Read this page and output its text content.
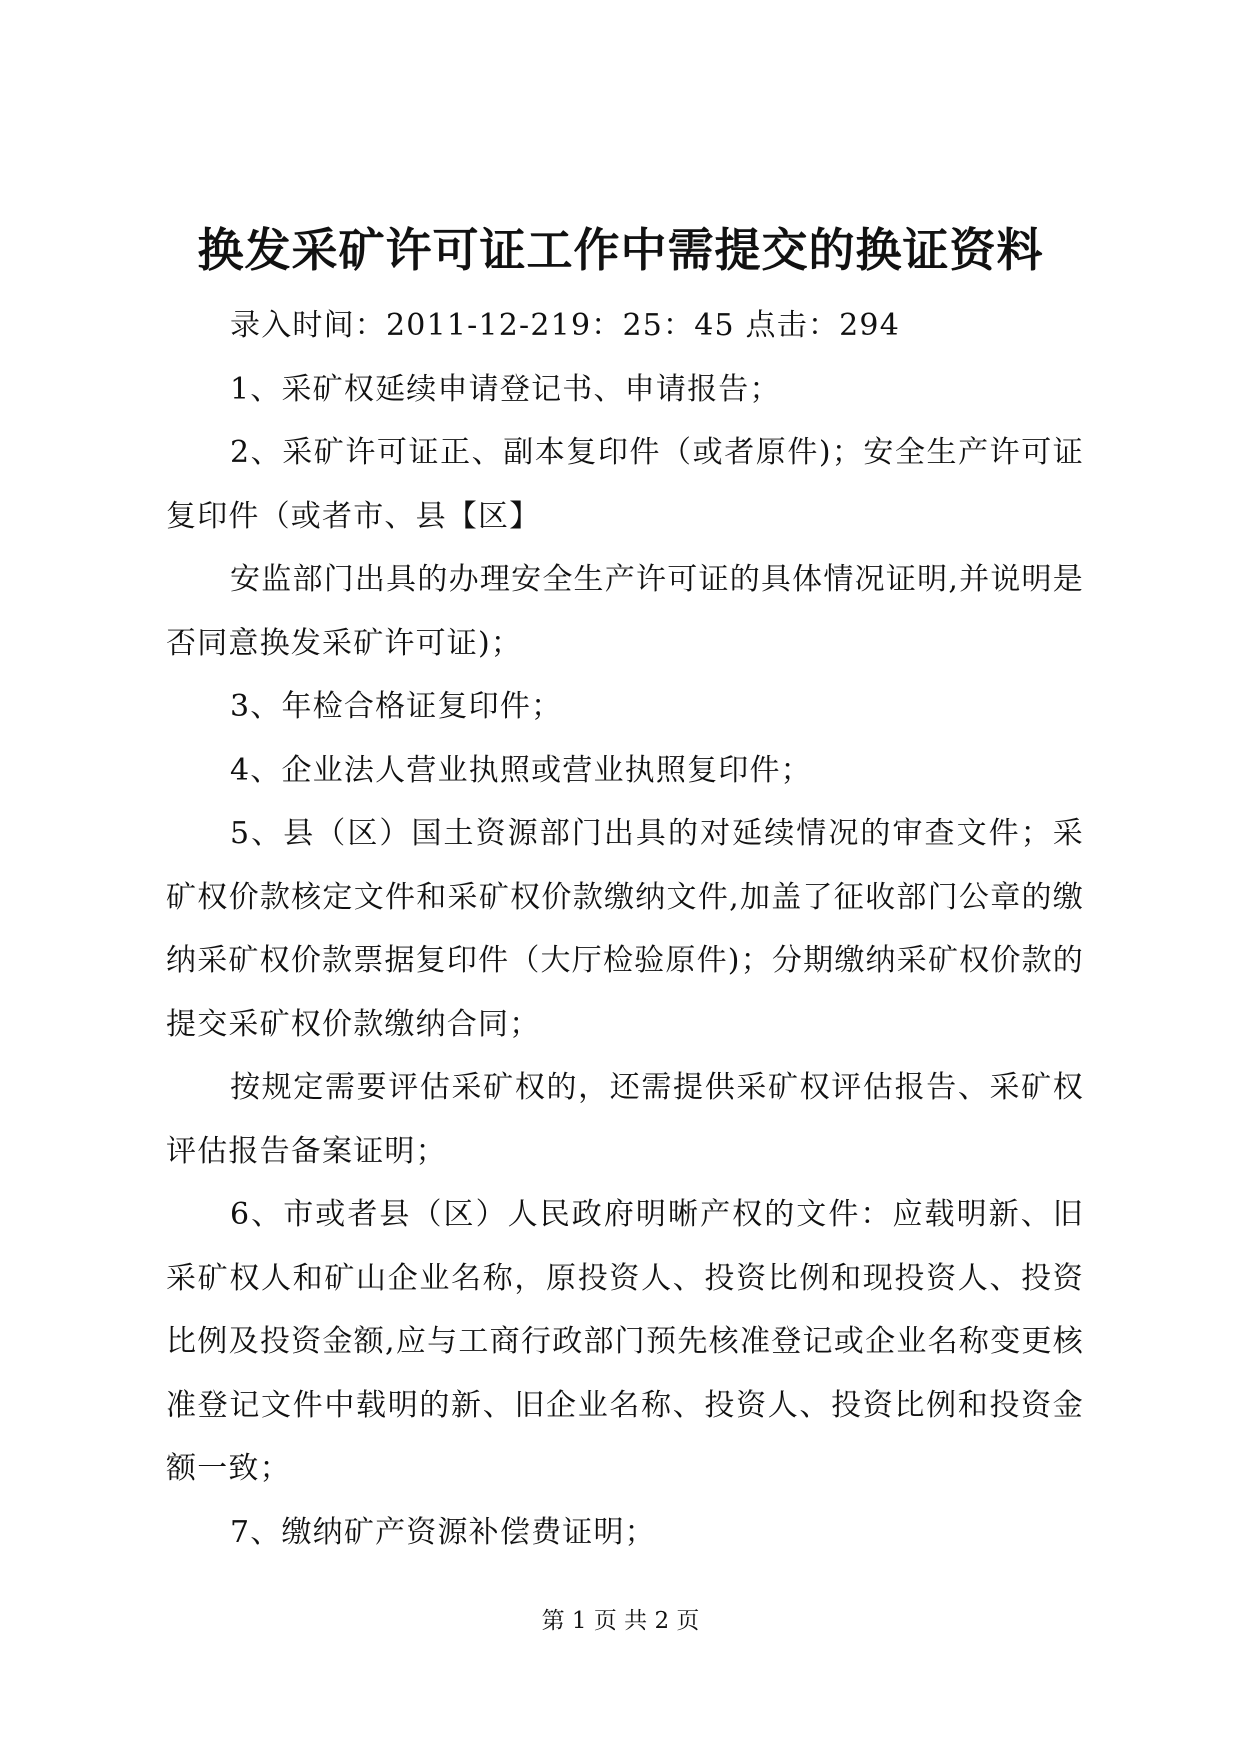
换发采矿许可证工作中需提交的换证资料

录入时间：2011-12-219：25：45 点击：294

1、采矿权延续申请登记书、申请报告；

2、采矿许可证正、副本复印件（或者原件)；安全生产许可证复印件（或者市、县【区】

安监部门出具的办理安全生产许可证的具体情况证明,并说明是否同意换发采矿许可证)；

3、年检合格证复印件；

4、企业法人营业执照或营业执照复印件；

5、县（区）国土资源部门出具的对延续情况的审查文件；采矿权价款核定文件和采矿权价款缴纳文件,加盖了征收部门公章的缴纳采矿权价款票据复印件（大厅检验原件)；分期缴纳采矿权价款的提交采矿权价款缴纳合同；

按规定需要评估采矿权的，还需提供采矿权评估报告、采矿权评估报告备案证明；

6、市或者县（区）人民政府明晰产权的文件：应载明新、旧采矿权人和矿山企业名称，原投资人、投资比例和现投资人、投资比例及投资金额,应与工商行政部门预先核准登记或企业名称变更核准登记文件中载明的新、旧企业名称、投资人、投资比例和投资金额一致；

7、缴纳矿产资源补偿费证明；

第 1 页 共 2 页
